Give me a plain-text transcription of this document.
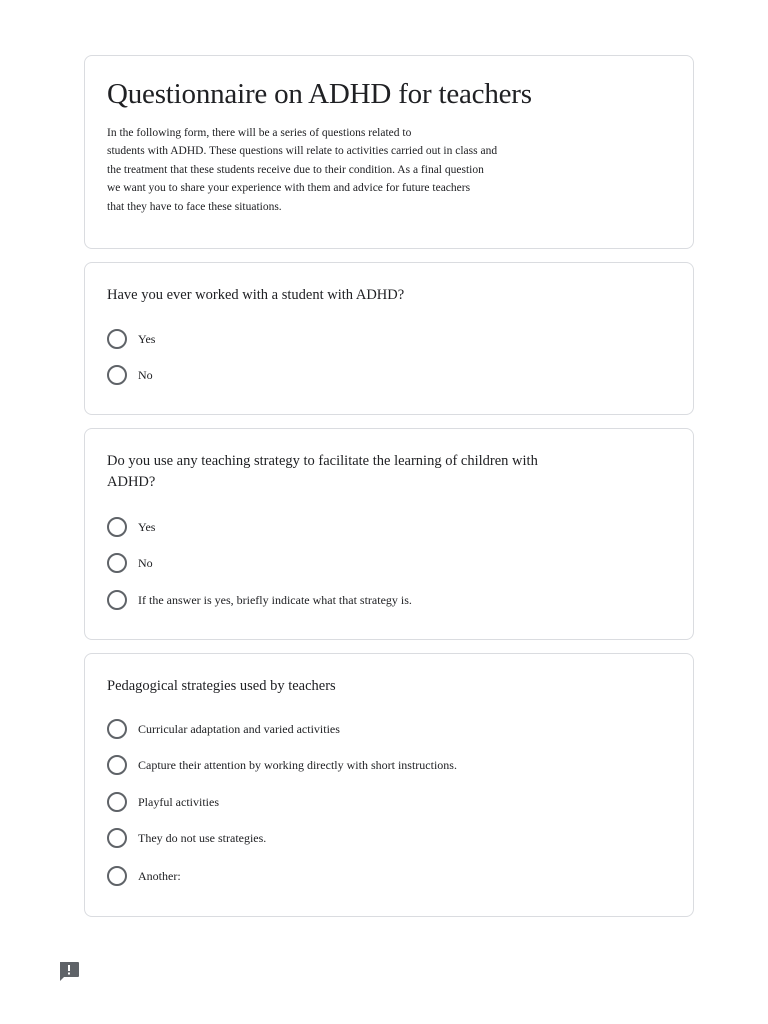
Questionnaire on ADHD for teachers
In the following form, there will be a series of questions related to
students with ADHD. These questions will relate to activities carried out in class and
the treatment that these students receive due to their condition. As a final question
we want you to share your experience with them and advice for future teachers
that they have to face these situations.

Have you ever worked with a student with ADHD?

Yes
No

Do you use any teaching strategy to facilitate the learning of children with ADHD?

Yes
No
If the answer is yes, briefly indicate what that strategy is.

Pedagogical strategies used by teachers

Curricular adaptation and varied activities
Capture their attention by working directly with short instructions.
Playful activities
They do not use strategies.
Another:
